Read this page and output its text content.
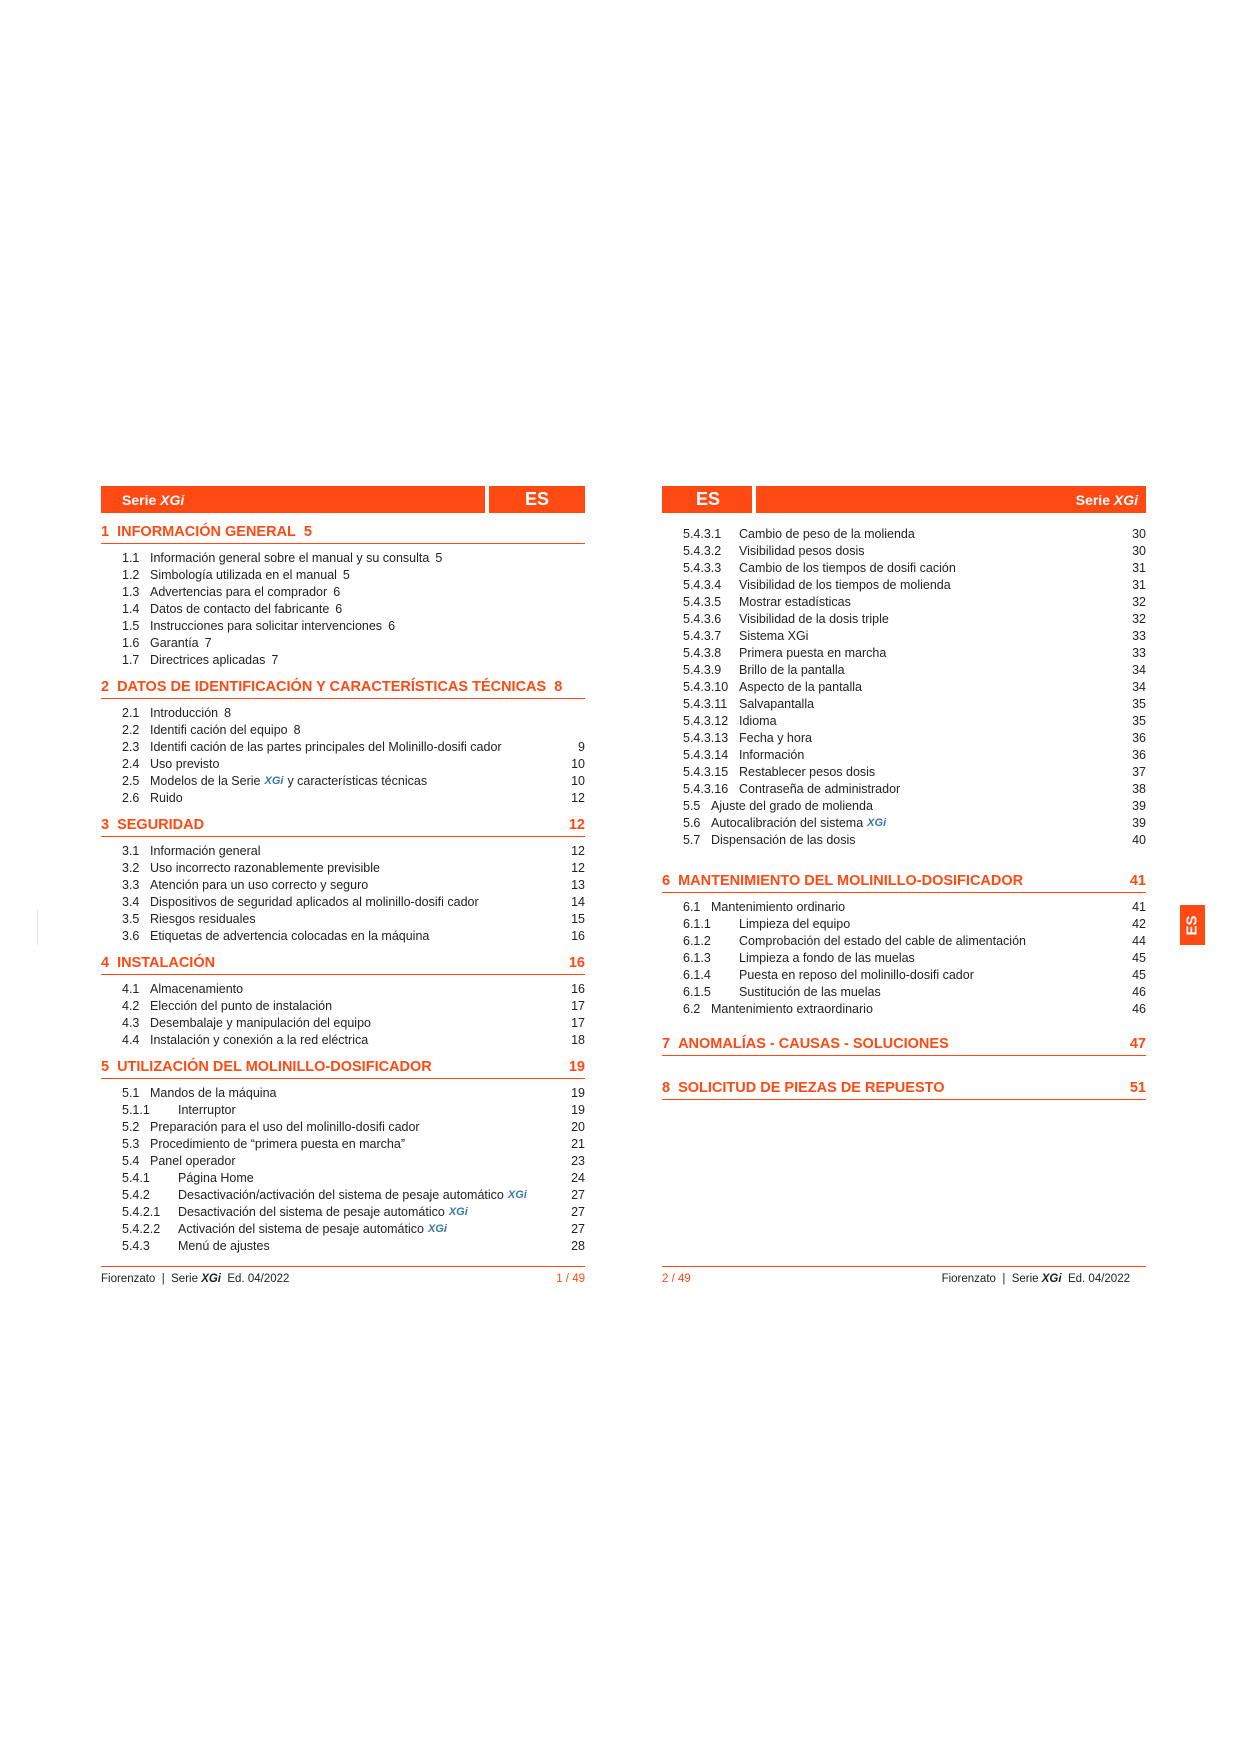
Serie XGi	ES
1 INFORMACIÓN GENERAL 5
1.1 Información general sobre el manual y su consulta 5
1.2 Simbología utilizada en el manual 5
1.3 Advertencias para el comprador 6
1.4 Datos de contacto del fabricante 6
1.5 Instrucciones para solicitar intervenciones 6
1.6 Garantía 7
1.7 Directrices aplicadas 7
2 DATOS DE IDENTIFICACIÓN Y CARACTERÍSTICAS TÉCNICAS 8
2.1 Introducción 8
2.2 Identifi cación del equipo 8
2.3 Identifi cación de las partes principales del Molinillo-dosifi cador	9
2.4 Uso previsto	10
2.5 Modelos de la Serie XGi y características técnicas	10
2.6 Ruido	12
3 SEGURIDAD	12
3.1 Información general	12
3.2 Uso incorrecto razonablemente previsible	12
3.3 Atención para un uso correcto y seguro	13
3.4 Dispositivos de seguridad aplicados al molinillo-dosifi cador	14
3.5 Riesgos residuales	15
3.6 Etiquetas de advertencia colocadas en la máquina	16
4 INSTALACIÓN	16
4.1 Almacenamiento	16
4.2 Elección del punto de instalación	17
4.3 Desembalaje y manipulación del equipo	17
4.4 Instalación y conexión a la red eléctrica	18
5 UTILIZACIÓN DEL MOLINILLO-DOSIFICADOR	19
5.1 Mandos de la máquina	19
5.1.1	Interruptor	19
5.2 Preparación para el uso del molinillo-dosifi cador	20
5.3 Procedimiento de “primera puesta en marcha”	21
5.4 Panel operador	23
5.4.1	Página Home	24
5.4.2	Desactivación/activación del sistema de pesaje automático XGi	27
5.4.2.1	Desactivación del sistema de pesaje automático XGi	27
5.4.2.2	Activación del sistema de pesaje automático XGi	27
5.4.3	Menú de ajustes	28
Fiorenzato | Serie XGi Ed. 04/2022	1 / 49
ES	Serie XGi
5.4.3.1	Cambio de peso de la molienda	30
5.4.3.2	Visibilidad pesos dosis	30
5.4.3.3	Cambio de los tiempos de dosifi cación	31
5.4.3.4	Visibilidad de los tiempos de molienda	31
5.4.3.5	Mostrar estadísticas	32
5.4.3.6	Visibilidad de la dosis triple	32
5.4.3.7	Sistema XGi	33
5.4.3.8	Primera puesta en marcha	33
5.4.3.9	Brillo de la pantalla	34
5.4.3.10 Aspecto de la pantalla	34
5.4.3.11 Salvapantalla	35
5.4.3.12 Idioma	35
5.4.3.13 Fecha y hora	36
5.4.3.14 Información	36
5.4.3.15 Restablecer pesos dosis	37
5.4.3.16 Contraseña de administrador	38
5.5 Ajuste del grado de molienda	39
5.6 Autocalibración del sistema XGi	39
5.7 Dispensación de las dosis	40
6 MANTENIMIENTO DEL MOLINILLO-DOSIFICADOR	41
6.1 Mantenimiento ordinario	41
6.1.1	Limpieza del equipo	42
6.1.2	Comprobación del estado del cable de alimentación	44
6.1.3	Limpieza a fondo de las muelas	45
6.1.4	Puesta en reposo del molinillo-dosifi cador	45
6.1.5	Sustitución de las muelas	46
6.2 Mantenimiento extraordinario	46
7 ANOMALÍAS - CAUSAS - SOLUCIONES	47
8 SOLICITUD DE PIEZAS DE REPUESTO	51
2 / 49	Fiorenzato | Serie XGi Ed. 04/2022
ES
